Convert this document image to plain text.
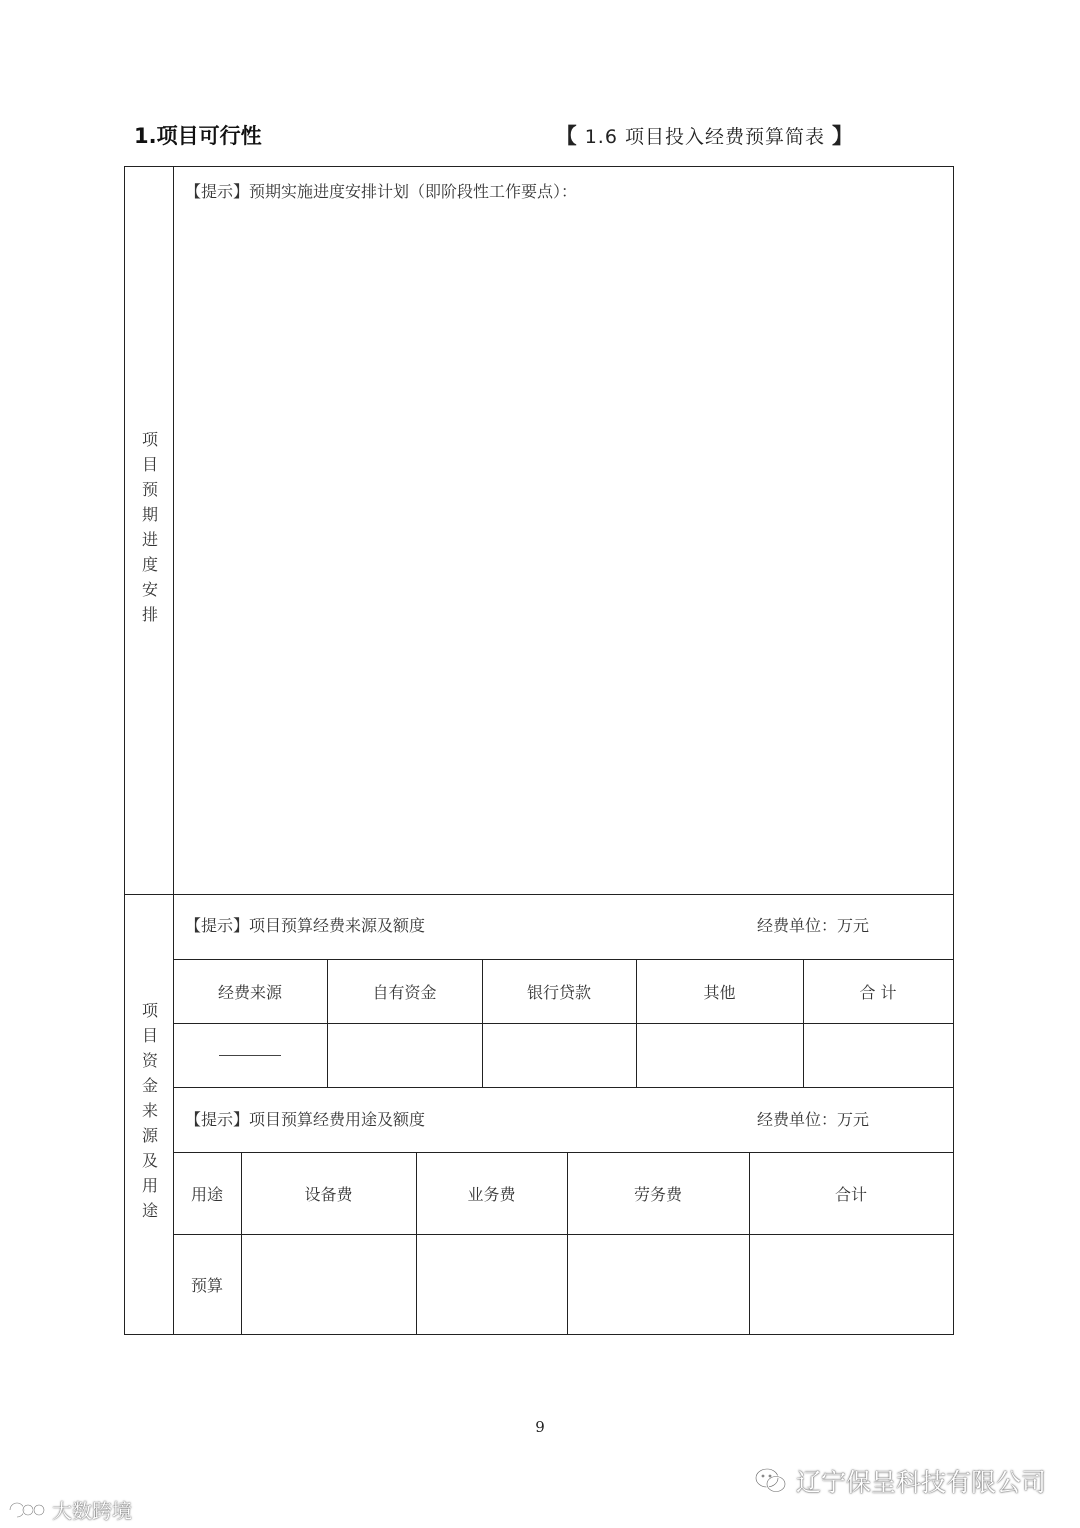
1.项目可行性	【 1.6 项目投入经费预算简表 】
项目预期进度安排
【提示】预期实施进度安排计划（即阶段性工作要点）：
项目资金来源及用途
【提示】项目预算经费来源及额度	经费单位：万元
经费来源	自有资金	银行贷款	其他	合 计
【提示】项目预算经费用途及额度	经费单位：万元
用途	设备费	业务费	劳务费	合计
预算
9
辽宁保呈科技有限公司
大数跨境
